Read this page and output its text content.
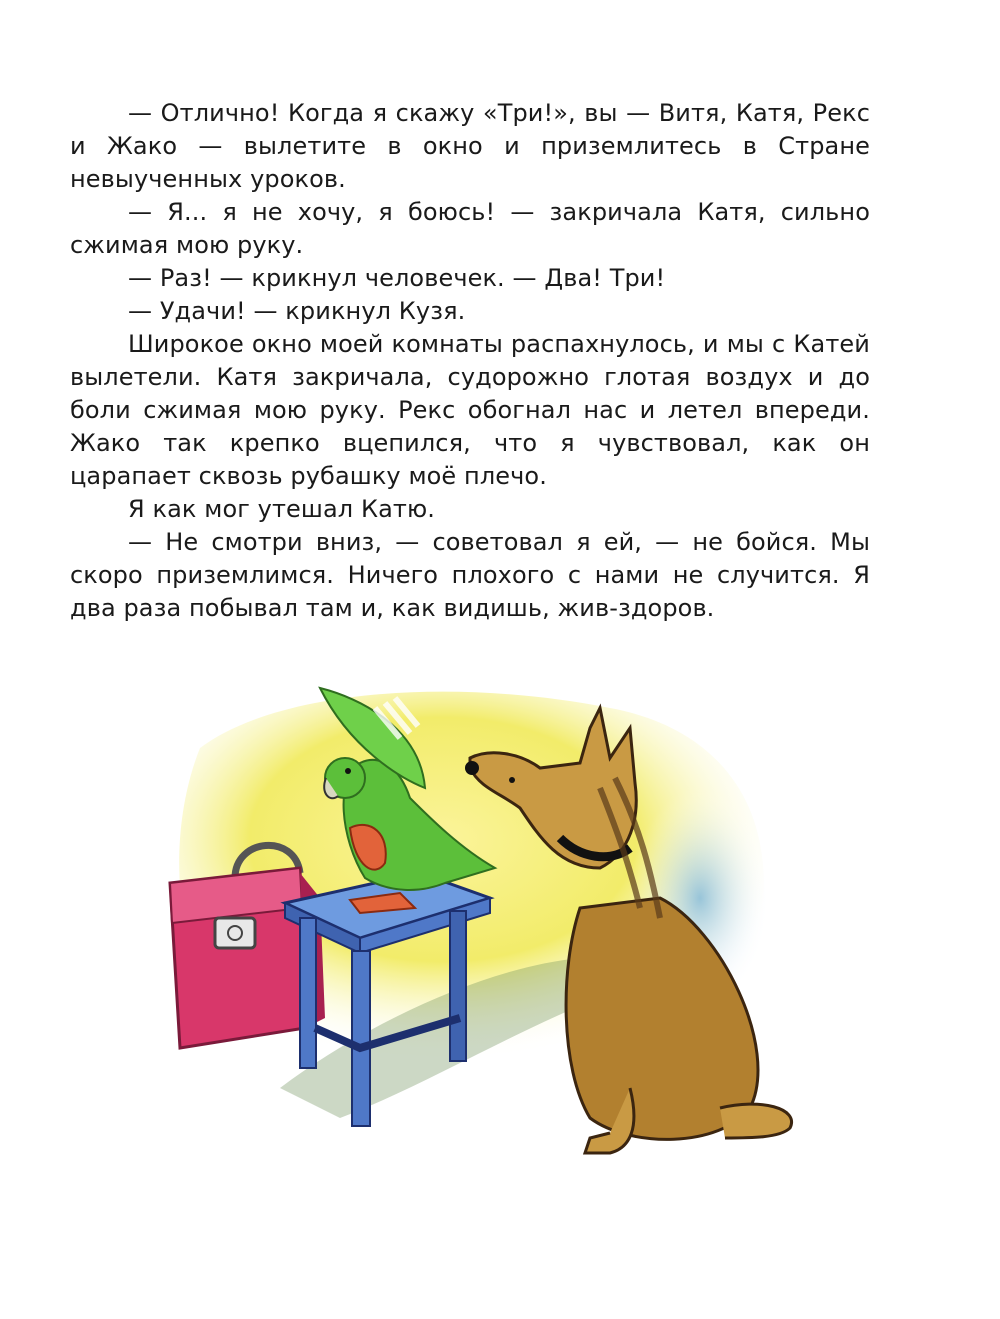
— Отлично! Когда я скажу «Три!», вы — Витя, Катя, Рекс и Жако — вылетите в окно и приземлитесь в Стране невыученных уроков.

— Я... я не хочу, я боюсь! — закричала Катя, сильно сжимая мою руку.

— Раз! — крикнул человечек. — Два! Три!

— Удачи! — крикнул Кузя.

Широкое окно моей комнаты распахнулось, и мы с Катей вылетели. Катя закричала, судорожно глотая воздух и до боли сжимая мою руку. Рекс обогнал нас и летел впереди. Жако так крепко вцепился, что я чувствовал, как он царапает сквозь рубашку моё плечо.

Я как мог утешал Катю.

— Не смотри вниз, — советовал я ей, — не бойся. Мы скоро приземлимся. Ничего плохого с нами не случится. Я два раза побывал там и, как видишь, жив-здоров.
